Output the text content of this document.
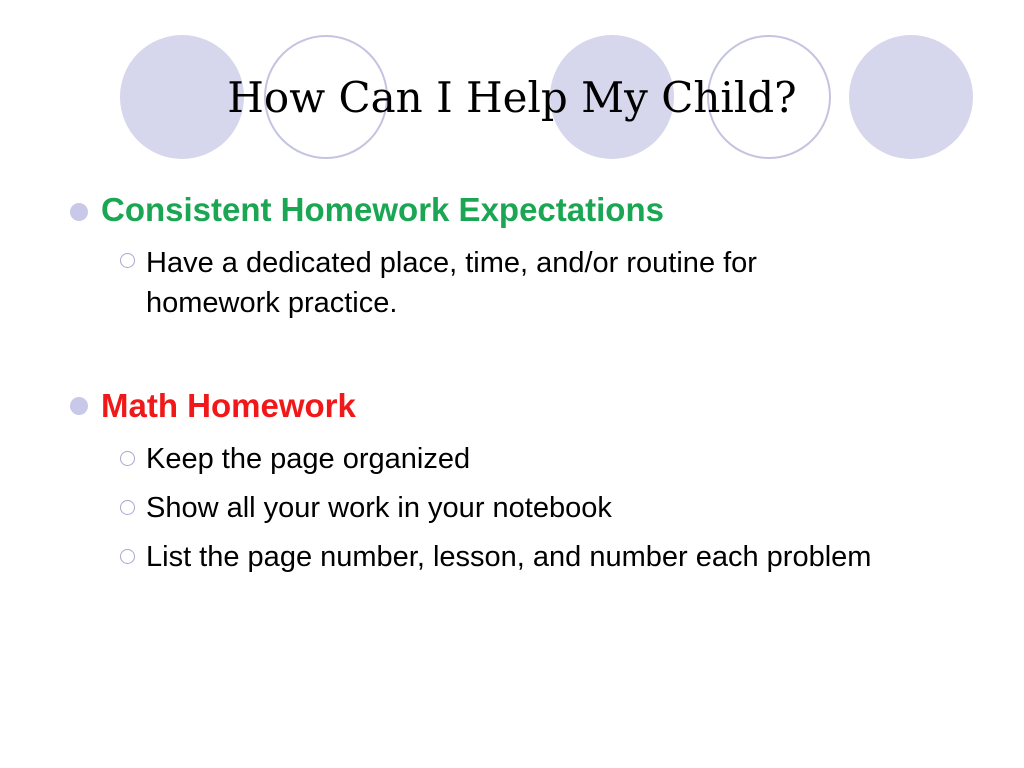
How Can I Help My Child?
Consistent Homework Expectations
Have a dedicated place, time, and/or routine for homework practice.
Math Homework
Keep the page organized
Show all your work in your notebook
List the page number, lesson, and number each problem
